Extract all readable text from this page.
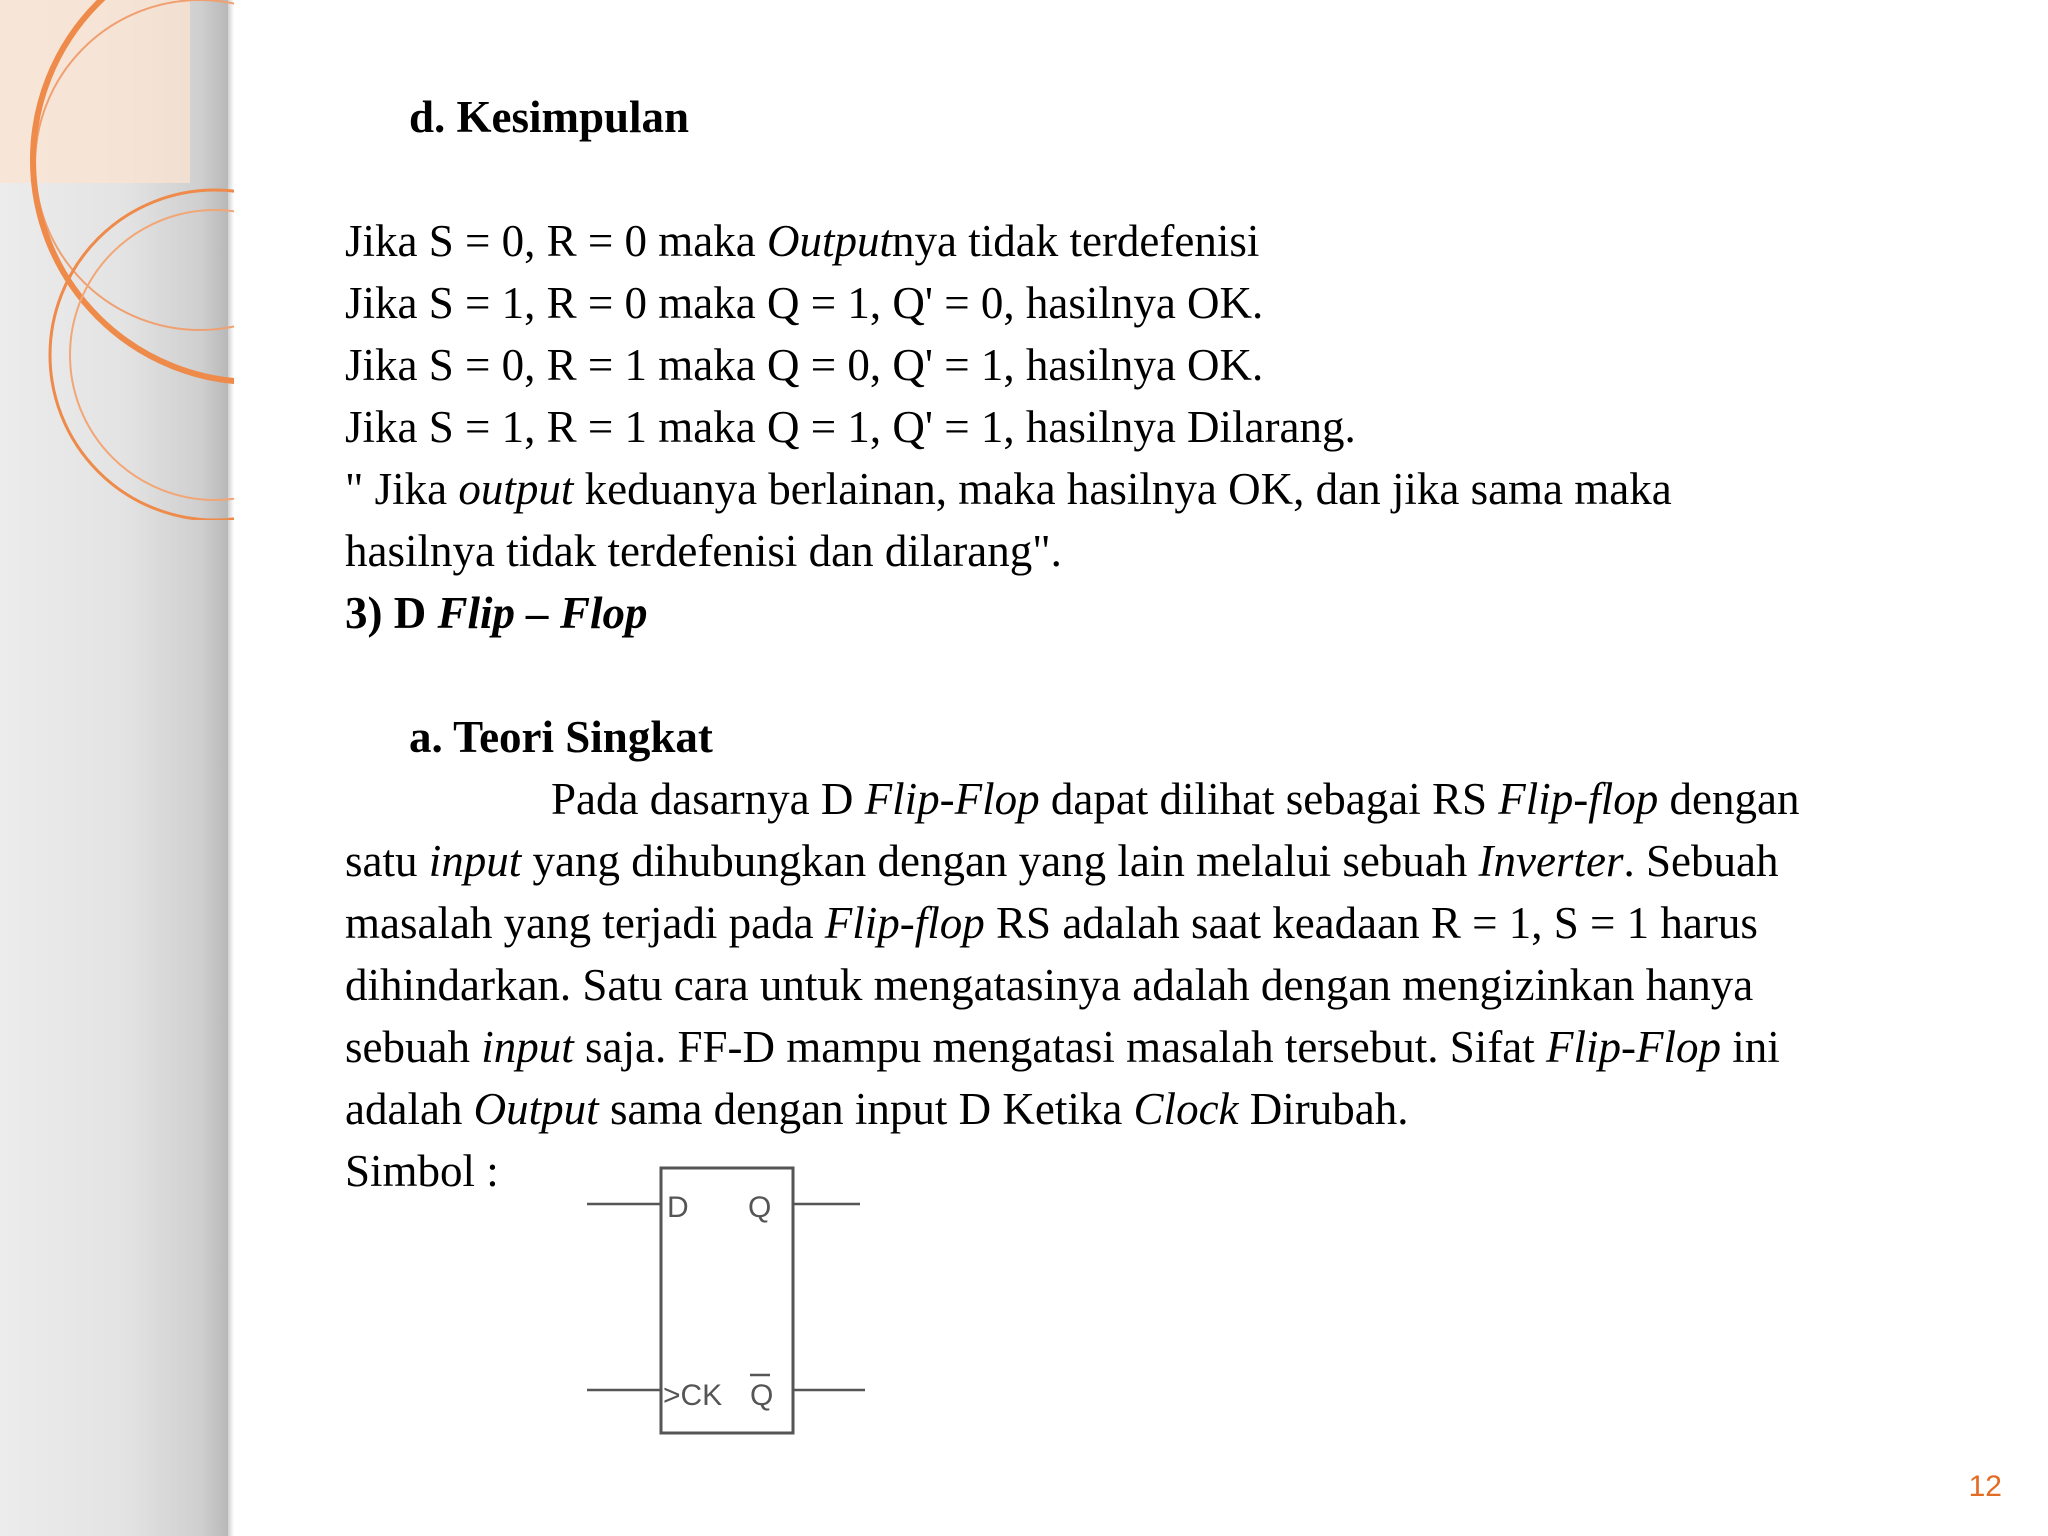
d. Kesimpulan
Jika S = 0, R = 0 maka Outputnya tidak terdefenisi
Jika S = 1, R = 0 maka Q = 1, Q' = 0, hasilnya OK.
Jika S = 0, R = 1 maka Q = 0, Q' = 1, hasilnya OK.
Jika S = 1, R = 1 maka Q = 1, Q' = 1, hasilnya Dilarang.
" Jika output keduanya berlainan, maka hasilnya OK, dan jika sama maka
hasilnya tidak terdefenisi dan dilarang".
3) D Flip – Flop
a. Teori Singkat
Pada dasarnya D Flip-Flop dapat dilihat sebagai RS Flip-flop dengan
satu input yang dihubungkan dengan yang lain melalui sebuah Inverter. Sebuah
masalah yang terjadi pada Flip-flop RS adalah saat keadaan R = 1, S = 1 harus
dihindarkan. Satu cara untuk mengatasinya adalah dengan mengizinkan hanya
sebuah input saja. FF-D mampu mengatasi masalah tersebut. Sifat Flip-Flop ini
adalah Output sama dengan input D Ketika Clock Dirubah.
Simbol :
D Q
>CK Q
12
